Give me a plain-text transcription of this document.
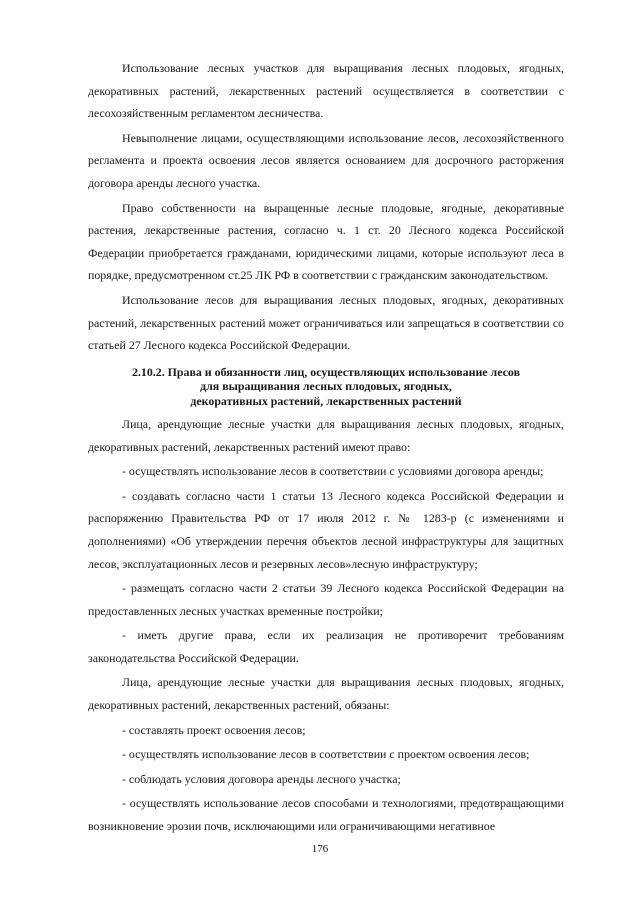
Использование лесных участков для выращивания лесных плодовых, ягодных, декоративных растений, лекарственных растений осуществляется в соответствии с лесохозяйственным регламентом лесничества.

Невыполнение лицами, осуществляющими использование лесов, лесохозяйственного регламента и проекта освоения лесов является основанием для досрочного расторжения договора аренды лесного участка.

Право собственности на выращенные лесные плодовые, ягодные, декоративные растения, лекарственные растения, согласно ч. 1 ст. 20 Лесного кодекса Российской Федерации приобретается гражданами, юридическими лицами, которые используют леса в порядке, предусмотренном ст.25 ЛК РФ в соответствии с гражданским законодательством.

Использование лесов для выращивания лесных плодовых, ягодных, декоративных растений, лекарственных растений может ограничиваться или запрещаться в соответствии со статьей 27 Лесного кодекса Российской Федерации.

2.10.2. Права и обязанности лиц, осуществляющих использование лесов
для выращивания лесных плодовых, ягодных,
декоративных растений, лекарственных растений

Лица, арендующие лесные участки для выращивания лесных плодовых, ягодных, декоративных растений, лекарственных растений имеют право:

- осуществлять использование лесов в соответствии с условиями договора аренды;

- создавать согласно части 1 статьи 13 Лесного кодекса Российской Федерации и распоряжению Правительства РФ от 17 июля 2012 г. № 1283-р (с изменениями и дополнениями) «Об утверждении перечня объектов лесной инфраструктуры для защитных лесов, эксплуатационных лесов и резервных лесов»лесную инфраструктуру;

- размещать согласно части 2 статьи 39 Лесного кодекса Российской Федерации на предоставленных лесных участках временные постройки;

- иметь другие права, если их реализация не противоречит требованиям законодательства Российской Федерации.

Лица, арендующие лесные участки для выращивания лесных плодовых, ягодных, декоративных растений, лекарственных растений, обязаны:

- составлять проект освоения лесов;

- осуществлять использование лесов в соответствии с проектом освоения лесов;

- соблюдать условия договора аренды лесного участка;

- осуществлять использование лесов способами и технологиями, предотвращающими возникновение эрозии почв, исключающими или ограничивающими негативное

176
